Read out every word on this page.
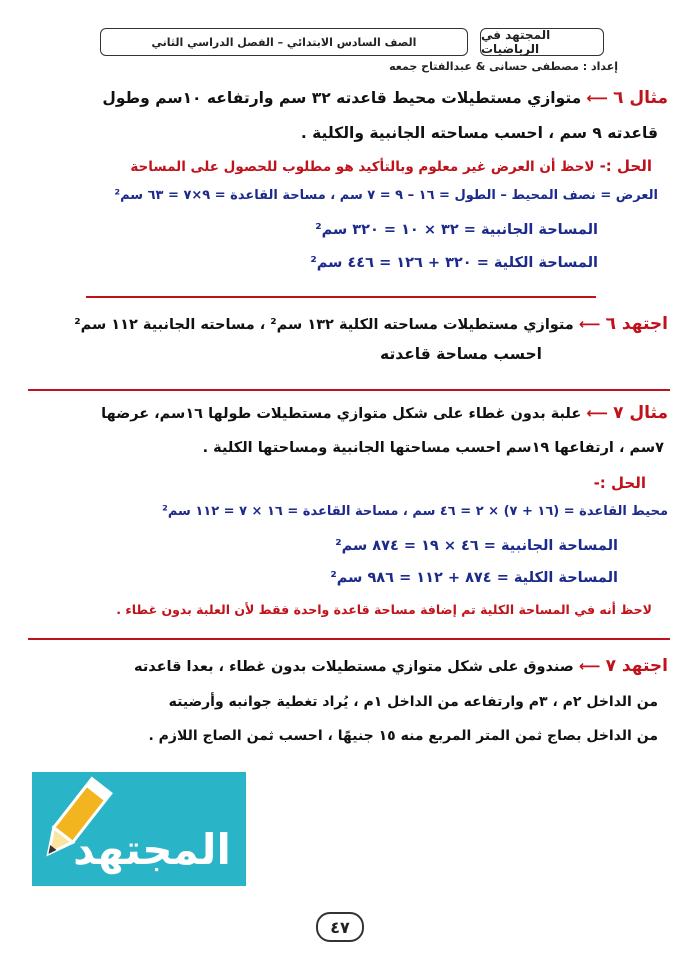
المجتهد في الرياضيات
الصف السادس الابتدائي – الفصل الدراسي الثاني
إعداد : مصطفى حسانى & عبدالفتاح جمعه
مثال ٦ ⟵ متوازي مستطيلات محيط قاعدته ٣٢ سم وارتفاعه ١٠سم وطول
قاعدته ٩ سم ، احسب مساحته الجانبية والكلية .
الحل :- لاحظ أن العرض غير معلوم وبالتأكيد هو مطلوب للحصول على المساحة
العرض = نصف المحيط – الطول = ١٦ – ٩ = ٧ سم ، مساحة القاعدة = ٩×٧ = ٦٣ سم²
المساحة الجانبية = ٣٢ × ١٠ = ٣٢٠ سم²
المساحة الكلية = ٣٢٠ + ١٢٦ = ٤٤٦ سم²
اجتهد ٦ ⟵ متوازي مستطيلات مساحته الكلية ١٣٢ سم² ، مساحته الجانبية ١١٢ سم²
احسب مساحة قاعدته
مثال ٧ ⟵ علبة بدون غطاء على شكل متوازي مستطيلات طولها ١٦سم، عرضها
٧سم ، ارتفاعها ١٩سم احسب مساحتها الجانبية ومساحتها الكلية .
الحل :-
محيط القاعدة = (١٦ + ٧) × ٢ = ٤٦ سم ، مساحة القاعدة = ١٦ × ٧ = ١١٢ سم²
المساحة الجانبية = ٤٦ × ١٩ = ٨٧٤ سم²
المساحة الكلية = ٨٧٤ + ١١٢ = ٩٨٦ سم²
لاحظ أنه في المساحة الكلية تم إضافة مساحة قاعدة واحدة فقط لأن العلبة بدون غطاء .
اجتهد ٧ ⟵ صندوق على شكل متوازي مستطيلات بدون غطاء ، بعدا قاعدته
من الداخل ٢م ، ٣م وارتفاعه من الداخل ١م ، يُراد تغطية جوانبه وأرضيته
من الداخل بصاج ثمن المتر المربع منه ١٥ جنيهًا ، احسب ثمن الصاج اللازم .
المجتهد
٤٧
